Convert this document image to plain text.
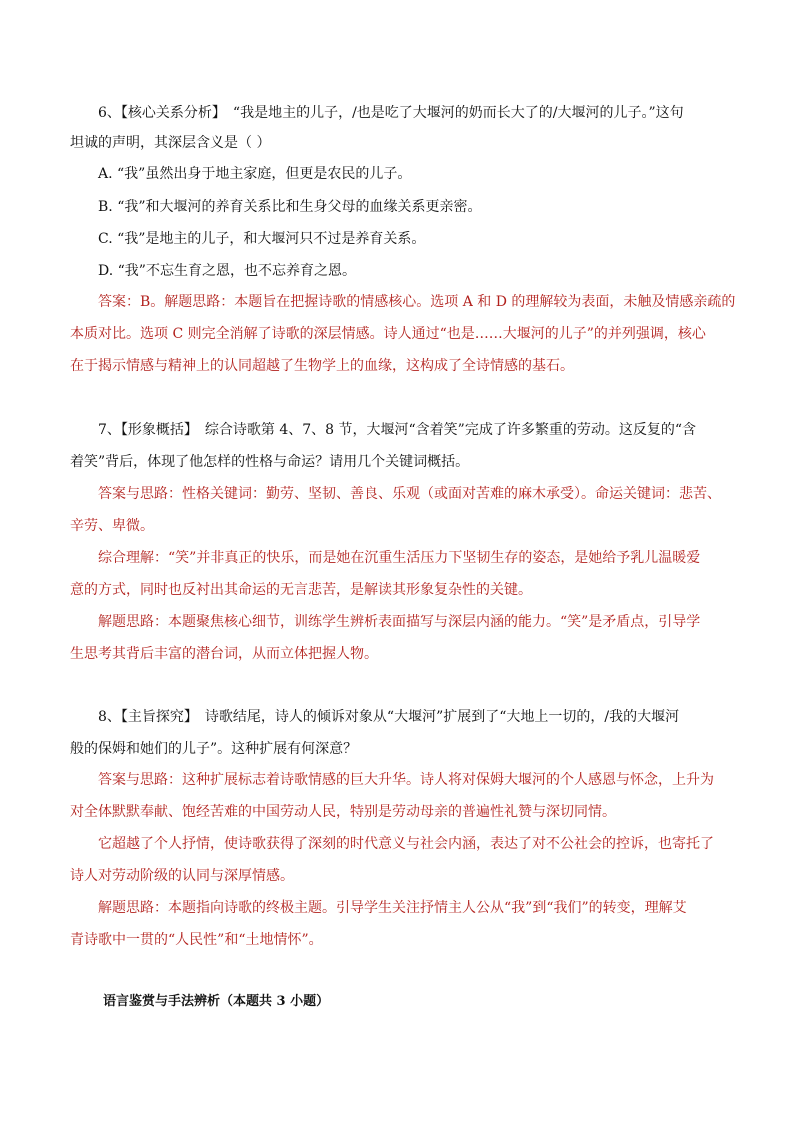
6、【核心关系分析】　“我是地主的儿子，/也是吃了大堰河的奶而长大了的/大堰河的儿子。”这句
坦诚的声明，其深层含义是（ ）
A. “我”虽然出身于地主家庭，但更是农民的儿子。
B. “我”和大堰河的养育关系比和生身父母的血缘关系更亲密。
C. “我”是地主的儿子，和大堰河只不过是养育关系。
D. “我”不忘生育之恩，也不忘养育之恩。
答案：B。解题思路：本题旨在把握诗歌的情感核心。选项 A 和 D 的理解较为表面，未触及情感亲疏的
本质对比。选项 C 则完全消解了诗歌的深层情感。诗人通过“也是……大堰河的儿子”的并列强调，核心
在于揭示情感与精神上的认同超越了生物学上的血缘，这构成了全诗情感的基石。
7、【形象概括】　综合诗歌第 4、7、8 节，大堰河“含着笑”完成了许多繁重的劳动。这反复的“含
着笑”背后，体现了他怎样的性格与命运？请用几个关键词概括。
答案与思路：性格关键词：勤劳、坚韧、善良、乐观（或面对苦难的麻木承受）。命运关键词：悲苦、
辛劳、卑微。
综合理解：“笑”并非真正的快乐，而是她在沉重生活压力下坚韧生存的姿态，是她给予乳儿温暖爱
意的方式，同时也反衬出其命运的无言悲苦，是解读其形象复杂性的关键。
解题思路：本题聚焦核心细节，训练学生辨析表面描写与深层内涵的能力。“笑”是矛盾点，引导学
生思考其背后丰富的潜台词，从而立体把握人物。
8、【主旨探究】　诗歌结尾，诗人的倾诉对象从“大堰河”扩展到了“大地上一切的，/我的大堰河
般的保姆和她们的儿子”。这种扩展有何深意？
答案与思路：这种扩展标志着诗歌情感的巨大升华。诗人将对保姆大堰河的个人感恩与怀念，上升为
对全体默默奉献、饱经苦难的中国劳动人民，特别是劳动母亲的普遍性礼赞与深切同情。
它超越了个人抒情，使诗歌获得了深刻的时代意义与社会内涵，表达了对不公社会的控诉，也寄托了
诗人对劳动阶级的认同与深厚情感。
解题思路：本题指向诗歌的终极主题。引导学生关注抒情主人公从“我”到“我们”的转变，理解艾
青诗歌中一贯的“人民性”和“土地情怀”。
语言鉴赏与手法辨析（本题共 3 小题）
